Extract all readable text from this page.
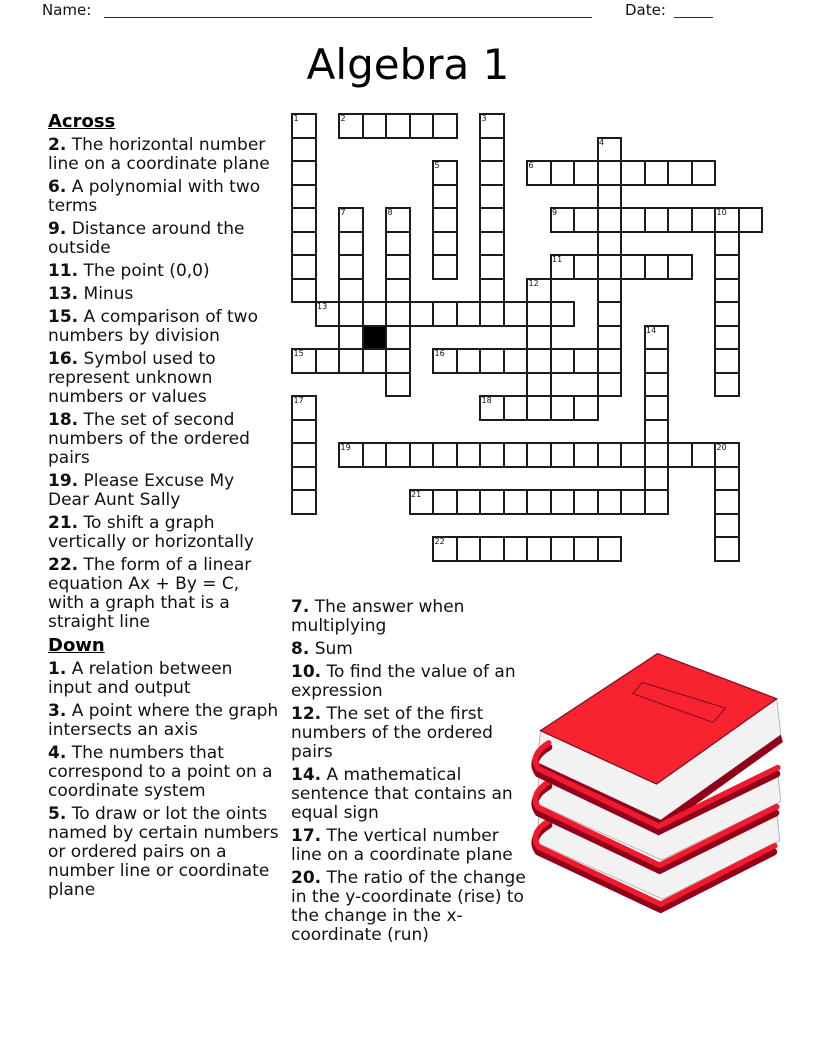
Name:	Date:
Algebra 1
1	2	3
4
5	6
7	8	9	10
11
12
13
14
15	16
17	18
19	20
21
22
Across

2. The horizontal number line on a coordinate plane

6. A polynomial with two terms

9. Distance around the outside

11. The point (0,0)

13. Minus

15. A comparison of two numbers by division

16. Symbol used to represent unknown numbers or values

18. The set of second numbers of the ordered pairs

19. Please Excuse My Dear Aunt Sally

21. To shift a graph vertically or horizontally

22. The form of a linear equation Ax + By = C, with a graph that is a straight line

Down

1. A relation between input and output

3. A point where the graph intersects an axis

4. The numbers that correspond to a point on a coordinate system

5. To draw or lot the oints named by certain numbers or ordered pairs on a number line or coordinate plane

7. The answer when multiplying

8. Sum

10. To find the value of an expression

12. The set of the first numbers of the ordered pairs

14. A mathematical sentence that contains an equal sign

17. The vertical number line on a coordinate plane

20. The ratio of the change in the y-coordinate (rise) to the change in the x-coordinate (run)
